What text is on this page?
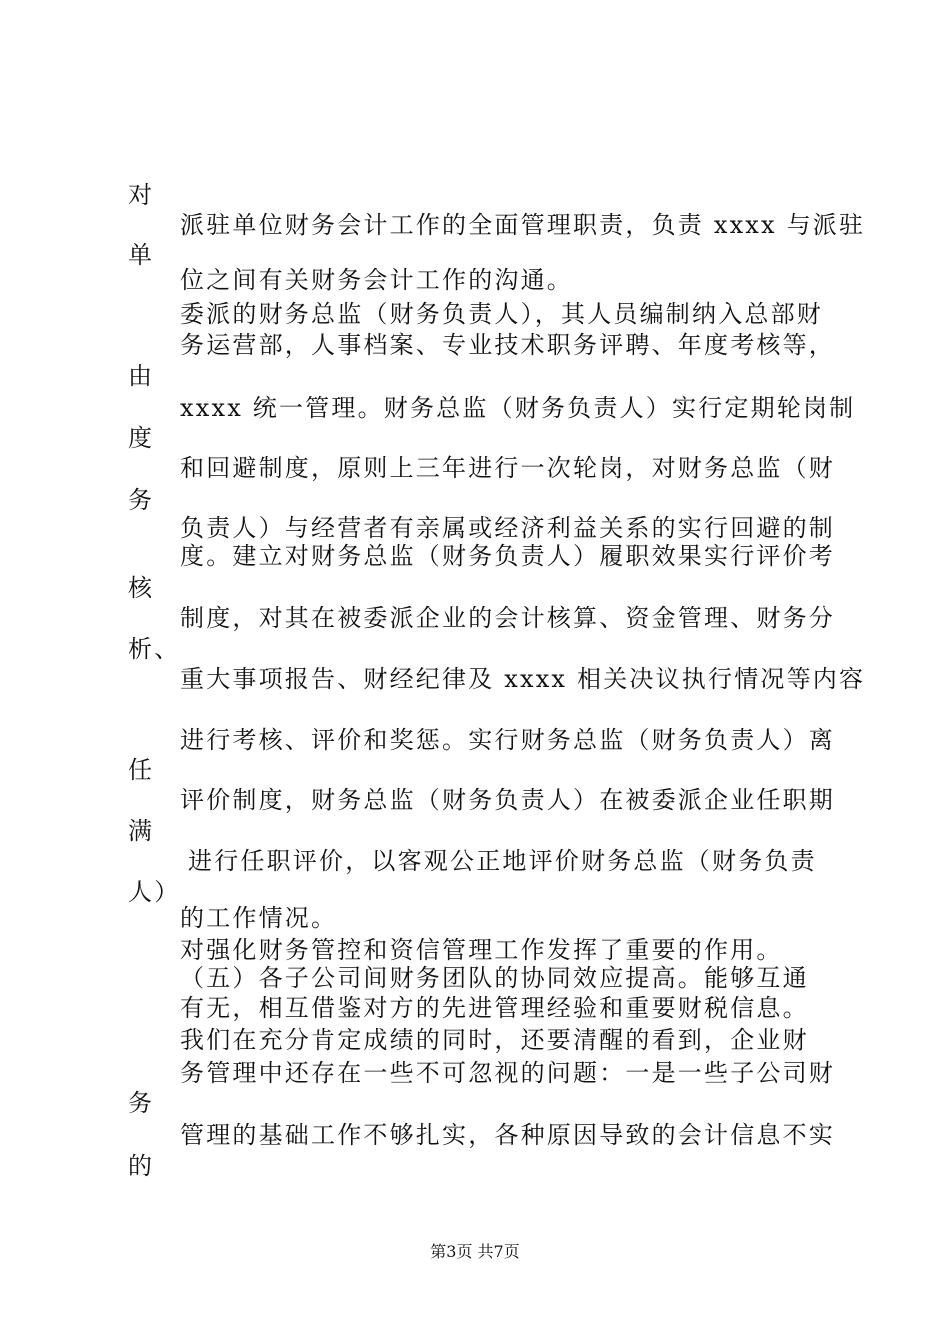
对
派驻单位财务会计工作的全面管理职责，负责 xxxx 与派驻
单
位之间有关财务会计工作的沟通。
委派的财务总监（财务负责人），其人员编制纳入总部财
务运营部，人事档案、专业技术职务评聘、年度考核等，
由
xxxx 统一管理。财务总监（财务负责人）实行定期轮岗制
度
和回避制度，原则上三年进行一次轮岗，对财务总监（财
务
负责人）与经营者有亲属或经济利益关系的实行回避的制
度。建立对财务总监（财务负责人）履职效果实行评价考
核
制度，对其在被委派企业的会计核算、资金管理、财务分
析、
重大事项报告、财经纪律及 xxxx 相关决议执行情况等内容
进行考核、评价和奖惩。实行财务总监（财务负责人）离
任
评价制度，财务总监（财务负责人）在被委派企业任职期
满
进行任职评价，以客观公正地评价财务总监（财务负责
人）
的工作情况。
对强化财务管控和资信管理工作发挥了重要的作用。
（五）各子公司间财务团队的协同效应提高。能够互通
有无，相互借鉴对方的先进管理经验和重要财税信息。
我们在充分肯定成绩的同时，还要清醒的看到，企业财
务管理中还存在一些不可忽视的问题：一是一些子公司财
务
管理的基础工作不够扎实，各种原因导致的会计信息不实
的
第3页 共7页
